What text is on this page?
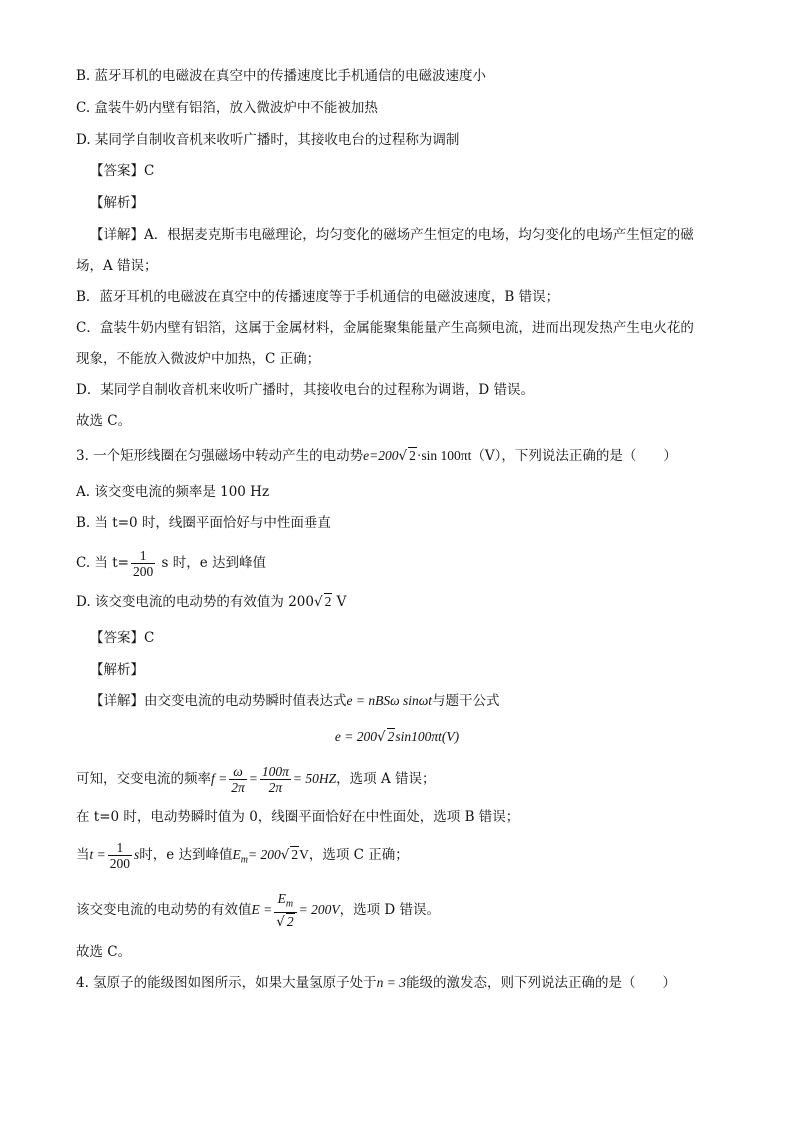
B. 蓝牙耳机的电磁波在真空中的传播速度比手机通信的电磁波速度小
C. 盒装牛奶内壁有铝箔，放入微波炉中不能被加热
D. 某同学自制收音机来收听广播时，其接收电台的过程称为调制
【答案】C
【解析】
【详解】A．根据麦克斯韦电磁理论，均匀变化的磁场产生恒定的电场，均匀变化的电场产生恒定的磁
场，A 错误；
B．蓝牙耳机的电磁波在真空中的传播速度等于手机通信的电磁波速度，B 错误；
C．盒装牛奶内壁有铝箔，这属于金属材料，金属能聚集能量产生高频电流，进而出现发热产生电火花的
现象，不能放入微波炉中加热，C 正确；
D．某同学自制收音机来收听广播时，其接收电台的过程称为调谐，D 错误。
故选 C。
3. 一个矩形线圈在匀强磁场中转动产生的电动势e=200√ 2·sin 100πt（V），下列说法正确的是（　　）
A. 该交变电流的频率是 100 Hz
B. 当 t=0 时，线圈平面恰好与中性面垂直
C. 当 $t= \frac{1}{200}$ s 时，e 达到峰值
D. 该交变电流的电动势的有效值为 200√ 2 V
【答案】C
【解析】
【详解】由交变电流的电动势瞬时值表达式e = nBSω sinωt与题干公式
e = 200√ 2sin100πt(V)
可知，交变电流的频率$f = \frac{\omega}{2\pi} = \frac{100\pi}{2\pi} = 50HZ$，选项 A 错误；
在 t=0 时，电动势瞬时值为 0，线圈平面恰好在中性面处，选项 B 错误；
当$t = \frac{1}{200}$ s时，e 达到峰值$E_m= 200√$ 2V，选项 C 正确；
该交变电流的电动势的有效值$E = \frac{E_m}{√ 2} = 200V$，选项 D 错误。
故选 C。
4. 氢原子的能级图如图所示，如果大量氢原子处于n = 3能级的激发态，则下列说法正确的是（　　）
